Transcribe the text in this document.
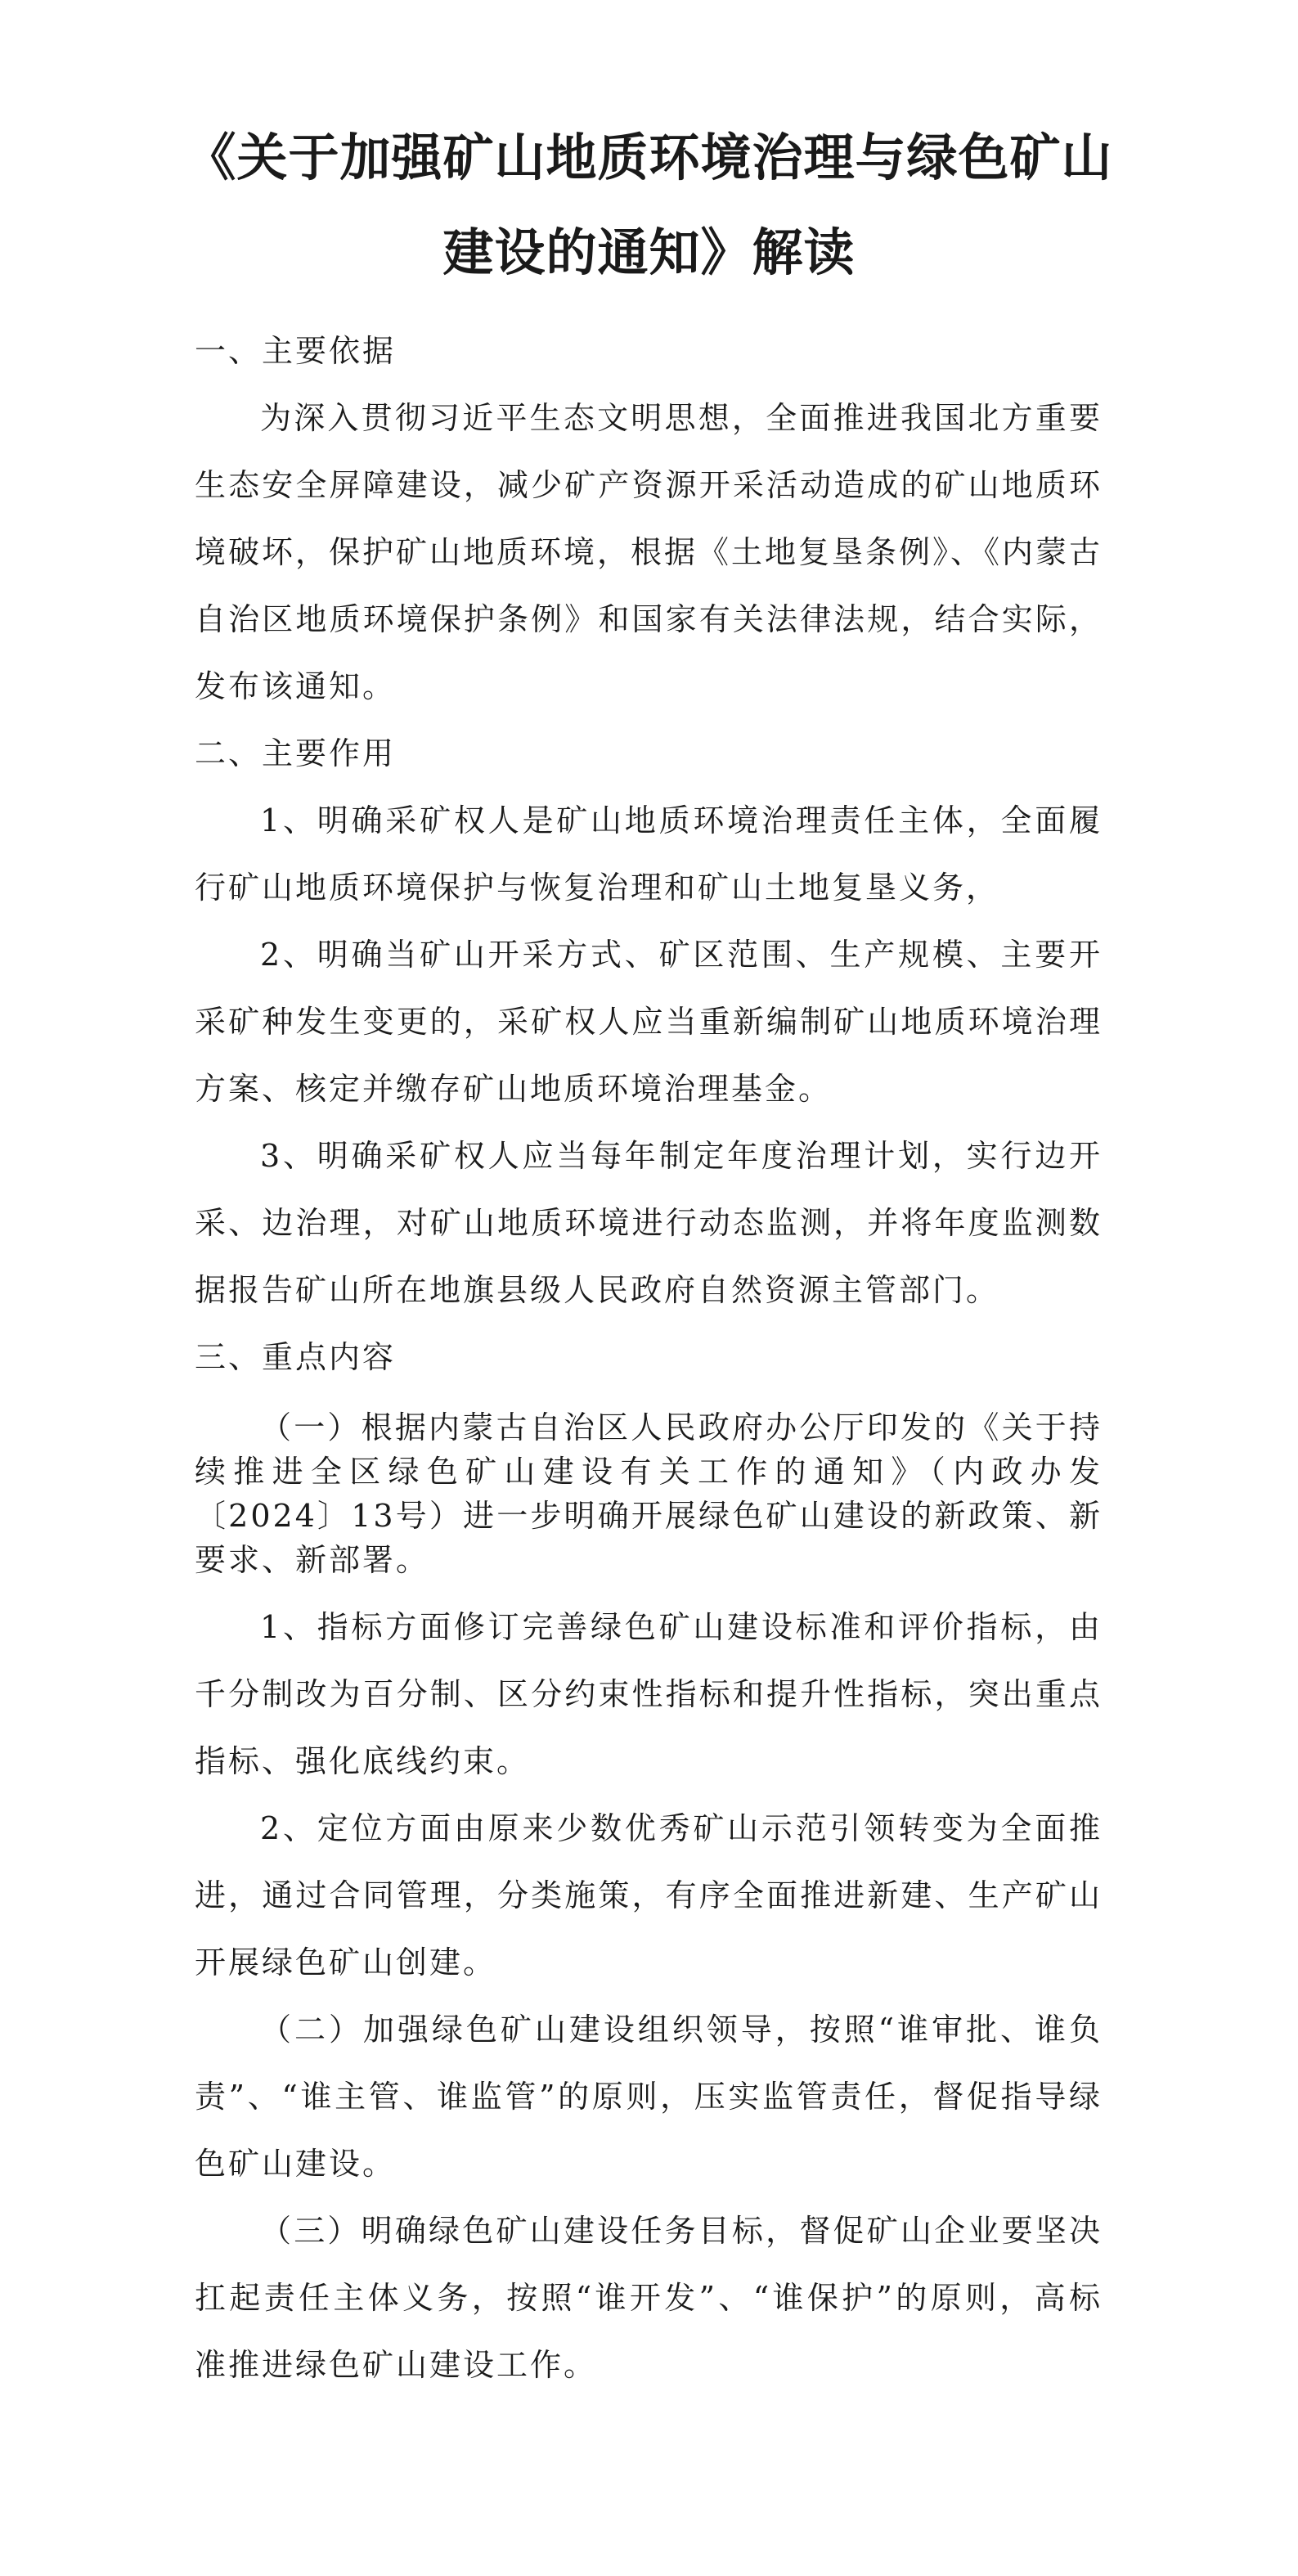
《关于加强矿山地质环境治理与绿色矿山
建设的通知》解读

一、主要依据

为深入贯彻习近平生态文明思想，全面推进我国北方重要生态安全屏障建设，减少矿产资源开采活动造成的矿山地质环境破坏，保护矿山地质环境，根据《土地复垦条例》、《内蒙古自治区地质环境保护条例》和国家有关法律法规，结合实际，发布该通知。

二、主要作用

1、明确采矿权人是矿山地质环境治理责任主体，全面履行矿山地质环境保护与恢复治理和矿山土地复垦义务，

2、明确当矿山开采方式、矿区范围、生产规模、主要开采矿种发生变更的，采矿权人应当重新编制矿山地质环境治理方案、核定并缴存矿山地质环境治理基金。

3、明确采矿权人应当每年制定年度治理计划，实行边开采、边治理，对矿山地质环境进行动态监测，并将年度监测数据报告矿山所在地旗县级人民政府自然资源主管部门。

三、重点内容

（一）根据内蒙古自治区人民政府办公厅印发的《关于持续推进全区绿色矿山建设有关工作的通知》（内政办发〔2024〕13号）进一步明确开展绿色矿山建设的新政策、新要求、新部署。

1、指标方面修订完善绿色矿山建设标准和评价指标，由千分制改为百分制、区分约束性指标和提升性指标，突出重点指标、强化底线约束。

2、定位方面由原来少数优秀矿山示范引领转变为全面推进，通过合同管理，分类施策，有序全面推进新建、生产矿山开展绿色矿山创建。

（二）加强绿色矿山建设组织领导，按照“谁审批、谁负责”、“谁主管、谁监管”的原则，压实监管责任，督促指导绿色矿山建设。

（三）明确绿色矿山建设任务目标，督促矿山企业要坚决扛起责任主体义务，按照“谁开发”、“谁保护”的原则，高标准推进绿色矿山建设工作。
